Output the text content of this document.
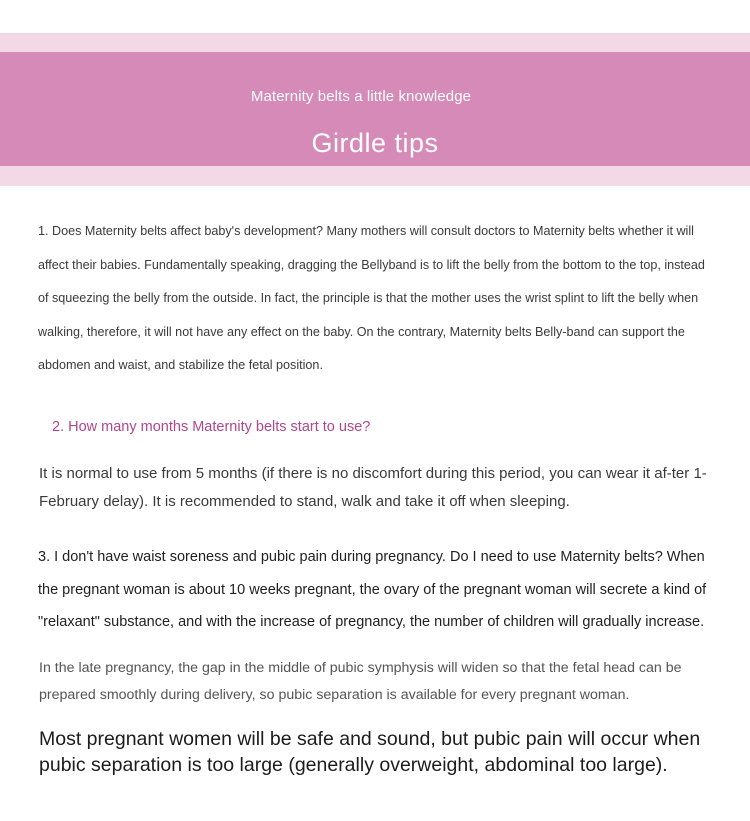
Maternity belts a little knowledge
Girdle tips
1. Does Maternity belts affect baby's development? Many mothers will consult doctors to Maternity belts whether it will affect their babies. Fundamentally speaking, dragging the Bellyband is to lift the belly from the bottom to the top, instead of squeezing the belly from the outside. In fact, the principle is that the mother uses the wrist splint to lift the belly when walking, therefore, it will not have any effect on the baby. On the contrary, Maternity belts Belly-band can support the abdomen and waist, and stabilize the fetal position.
2. How many months Maternity belts start to use?
It is normal to use from 5 months (if there is no discomfort during this period, you can wear it af-ter 1-February delay). It is recommended to stand, walk and take it off when sleeping.
3. I don't have waist soreness and pubic pain during pregnancy. Do I need to use Maternity belts? When the pregnant woman is about 10 weeks pregnant, the ovary of the pregnant woman will secrete a kind of "relaxant" substance, and with the increase of pregnancy, the number of children will gradually increase.
In the late pregnancy, the gap in the middle of pubic symphysis will widen so that the fetal head can be prepared smoothly during delivery, so pubic separation is available for every pregnant woman.
Most pregnant women will be safe and sound, but pubic pain will occur when pubic separation is too large (generally overweight, abdominal too large).
